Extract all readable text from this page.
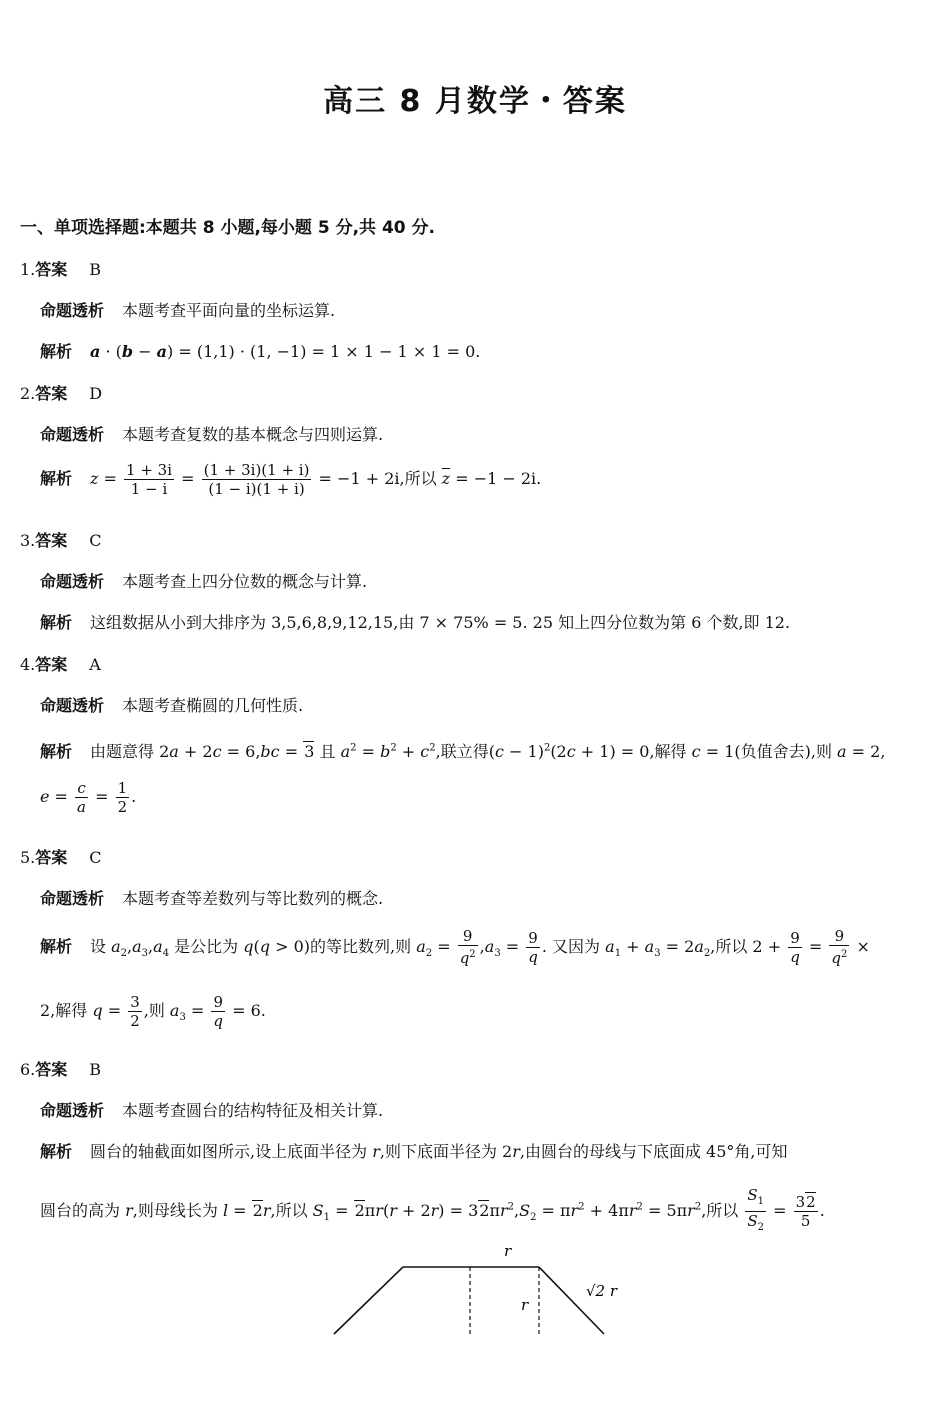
高三 8 月数学・答案
一、单项选择题:本题共 8 小题,每小题 5 分,共 40 分.
1.答案 B
命题透析 本题考查平面向量的坐标运算.
解析 a · (b − a) = (1,1) · (1, −1) = 1 × 1 − 1 × 1 = 0.
2.答案 D
命题透析 本题考查复数的基本概念与四则运算.
解析 $z = \frac{1 + 3i}{1 - i} = \frac{(1 + 3i)(1 + i)}{(1 - i)(1 + i)} = -1 + 2i$,所以 $\overline{z} = -1 - 2i$.
3.答案 C
命题透析 本题考查上四分位数的概念与计算.
解析 这组数据从小到大排序为 3,5,6,8,9,12,15,由 7 × 75% = 5. 25 知上四分位数为第 6 个数,即 12.
4.答案 A
命题透析 本题考查椭圆的几何性质.
解析 由题意得 2a + 2c = 6,bc = 3 且 $a^2 = b^2 + c^2$,联立得$(c - 1)^2(2c + 1) = 0$,解得 c = 1(负值舍去),则 a = 2,
$e = \frac{c}{a} = \frac{1}{2}$ .
5.答案 C
命题透析 本题考查等差数列与等比数列的概念.
解析 设 $a_2,a_3,a_4$ 是公比为 q(q > 0)的等比数列,则 $a_2 = \frac{9}{q^2} ,a_3 = \frac{9}{q}$ . 又因为 $a_1 + a_3 = 2a_2$,所以 $2 + \frac{9}{q} = \frac{9}{q^2}$ ×
2,解得 $q = \frac{3}{2}$ ,则 $a_3 = \frac{9}{q} = 6$.
6.答案 B
命题透析 本题考查圆台的结构特征及相关计算.
解析 圆台的轴截面如图所示,设上底面半径为 r,则下底面半径为 2r,由圆台的母线与下底面成 45°角,可知
圆台的高为 r,则母线长为 l = 2r,所以 $S_1 = 2\pi r(r + 2r) = 32\pi r^2,S_2 = \pi r^2 + 4\pi r^2 = 5\pi r^2$,所以 $\frac{S_1}{S_2} = \frac{32}{5}$ .
r
r
√2 r
